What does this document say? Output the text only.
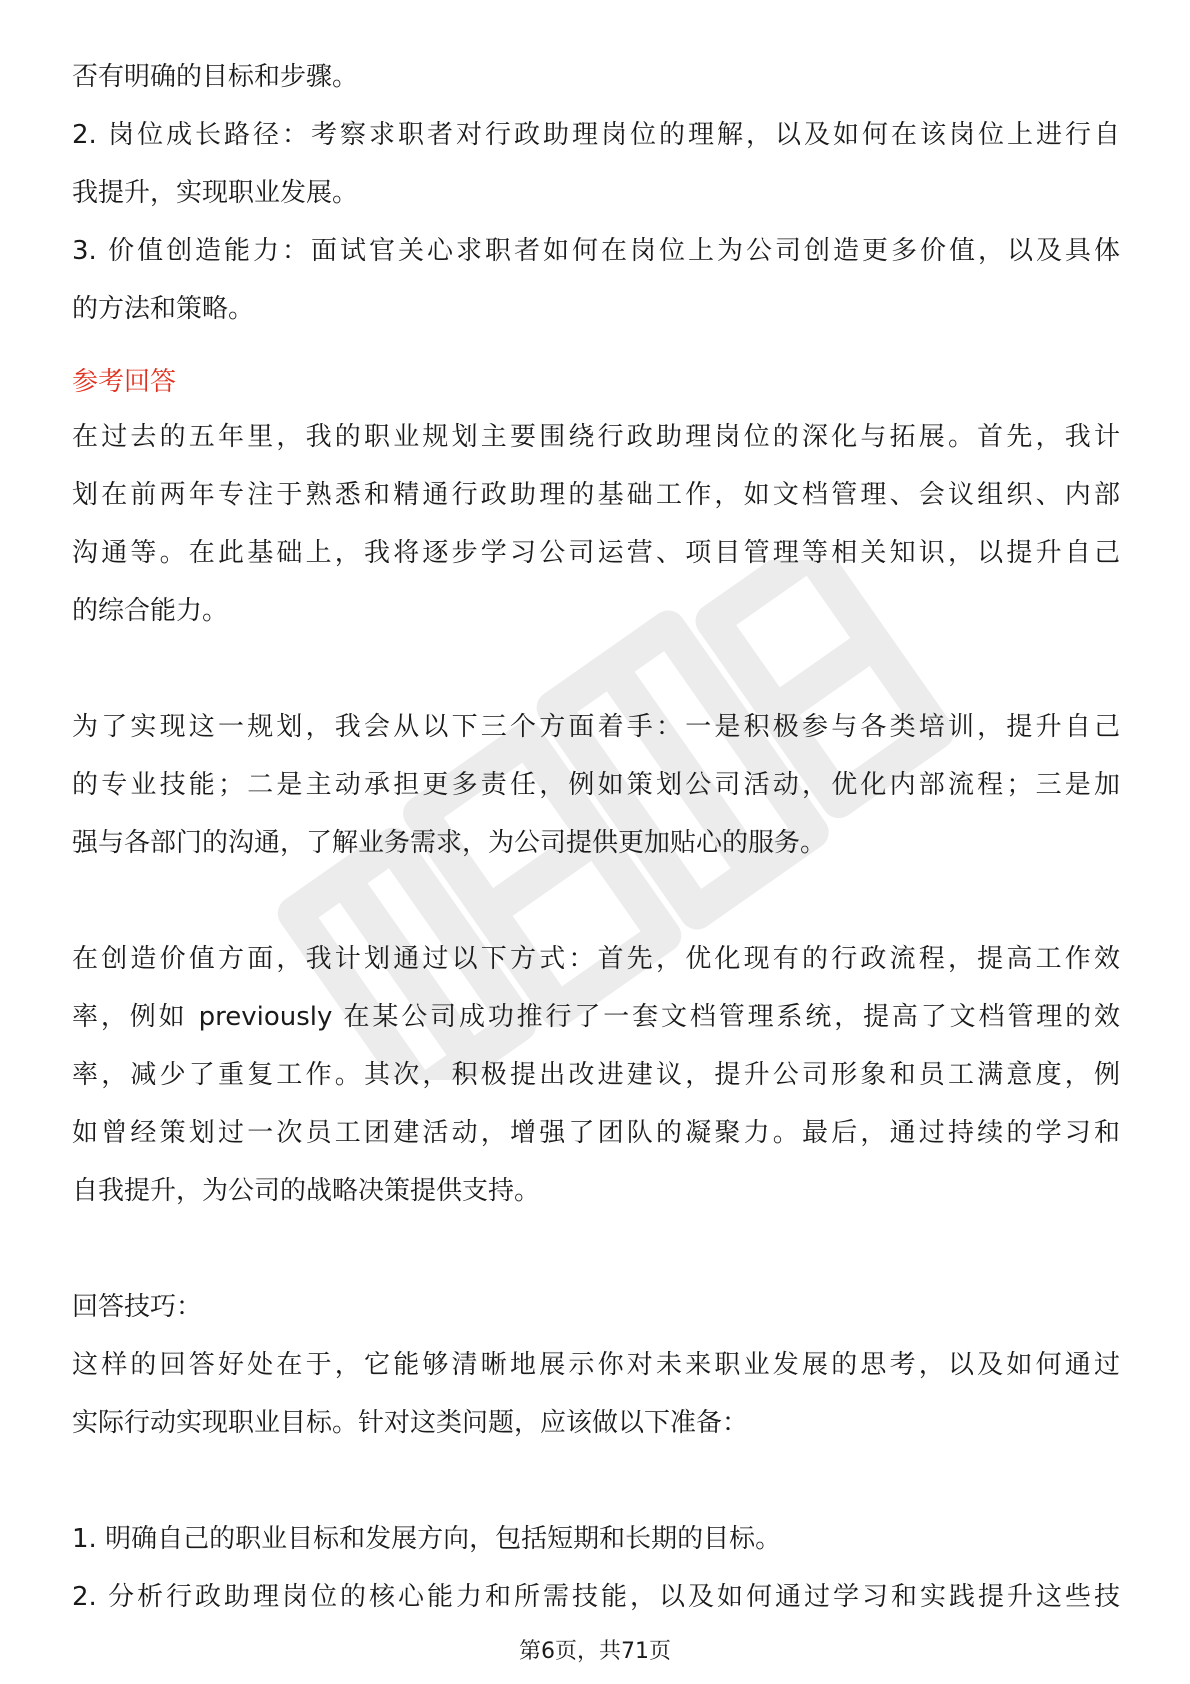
否有明确的目标和步骤。
2. 岗位成长路径：考察求职者对行政助理岗位的理解，以及如何在该岗位上进行自
我提升，实现职业发展。
3. 价值创造能力：面试官关心求职者如何在岗位上为公司创造更多价值，以及具体
的方法和策略。
参考回答
在过去的五年里，我的职业规划主要围绕行政助理岗位的深化与拓展。首先，我计
划在前两年专注于熟悉和精通行政助理的基础工作，如文档管理、会议组织、内部
沟通等。在此基础上，我将逐步学习公司运营、项目管理等相关知识，以提升自己
的综合能力。
为了实现这一规划，我会从以下三个方面着手：一是积极参与各类培训，提升自己
的专业技能；二是主动承担更多责任，例如策划公司活动，优化内部流程；三是加
强与各部门的沟通，了解业务需求，为公司提供更加贴心的服务。
在创造价值方面，我计划通过以下方式：首先，优化现有的行政流程，提高工作效
率，例如 previously 在某公司成功推行了一套文档管理系统，提高了文档管理的效
率，减少了重复工作。其次，积极提出改进建议，提升公司形象和员工满意度，例
如曾经策划过一次员工团建活动，增强了团队的凝聚力。最后，通过持续的学习和
自我提升，为公司的战略决策提供支持。
回答技巧：
这样的回答好处在于，它能够清晰地展示你对未来职业发展的思考，以及如何通过
实际行动实现职业目标。针对这类问题，应该做以下准备：
1. 明确自己的职业目标和发展方向，包括短期和长期的目标。
2. 分析行政助理岗位的核心能力和所需技能，以及如何通过学习和实践提升这些技
第6页，共71页
